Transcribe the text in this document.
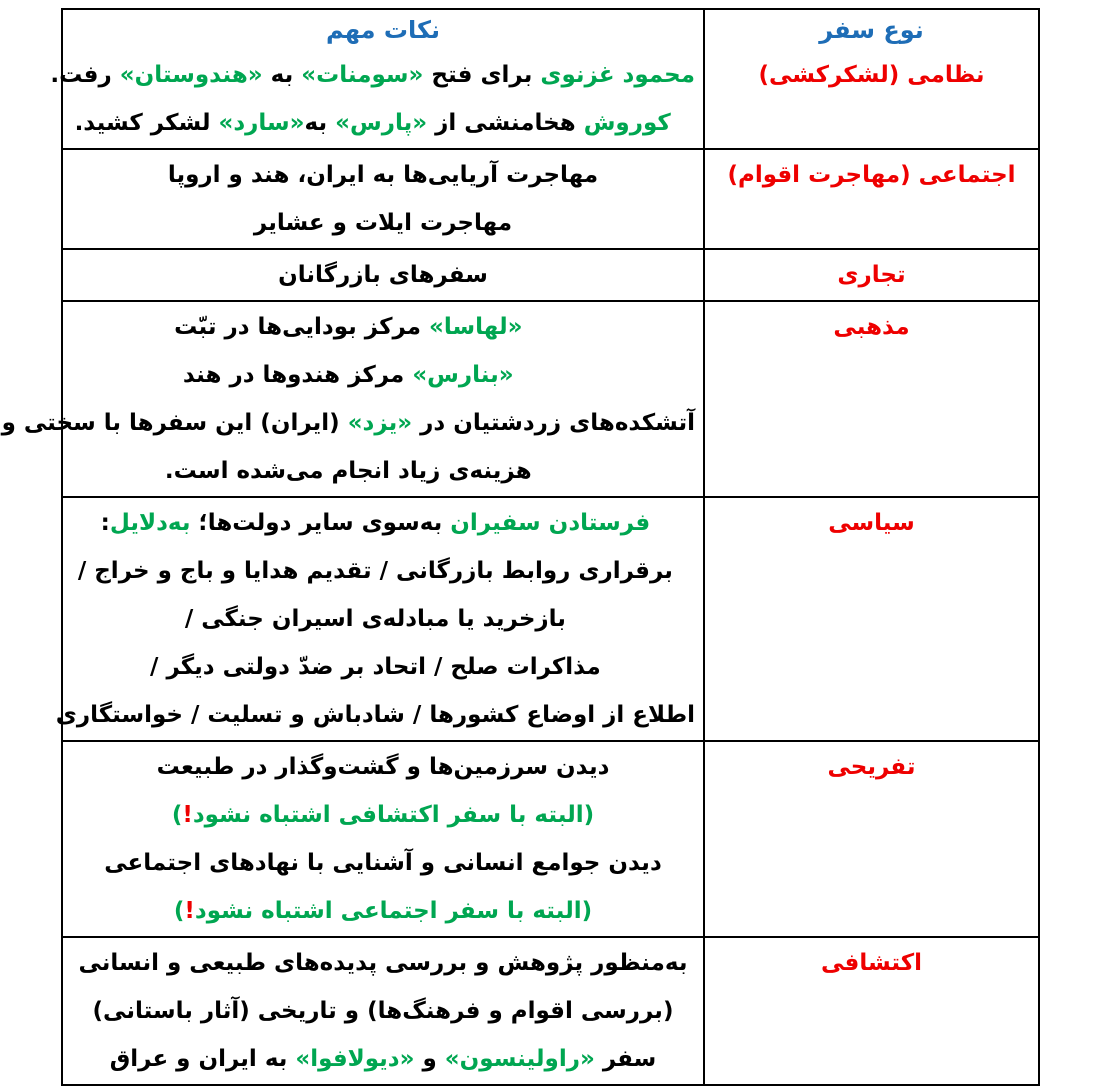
نوع سفر
نکات مهم
نظامی (لشکرکشی)
محمود غزنوی برای فتح «سومنات» به «هندوستان» رفت.
کوروش هخامنشی از «پارس» به«سارد» لشکر کشید.
اجتماعی (مهاجرت اقوام)
مهاجرت آریایی‌ها به ایران، هند و اروپا
مهاجرت ایلات و عشایر
تجاری
سفرهای بازرگانان
مذهبی
«لهاسا» مرکز بودایی‌ها در تبّت
«بنارس» مرکز هندوها در هند
آتشکده‌های زردشتیان در «یزد» (ایران) این سفرها با سختی و
هزینه‌ی زیاد انجام می‌شده است.
سیاسی
فرستادن سفیران به‌سوی سایر دولت‌ها؛ به‌دلایل:
برقراری روابط بازرگانی / تقدیم هدایا و باج و خراج /
بازخرید یا مبادله‌ی اسیران جنگی /
مذاکرات صلح / اتحاد بر ضدّ دولتی دیگر /
اطلاع از اوضاع کشورها / شادباش و تسلیت / خواستگاری
تفریحی
دیدن سرزمین‌ها و گشت‌وگذار در طبیعت
(البته با سفر اکتشافی اشتباه نشود!)
دیدن جوامع انسانی و آشنایی با نهادهای اجتماعی
(البته با سفر اجتماعی اشتباه نشود!)
اکتشافی
به‌منظور پژوهش و بررسی پدیده‌های طبیعی و انسانی
(بررسی اقوام و فرهنگ‌ها) و تاریخی (آثار باستانی)
سفر «راولینسون» و «دیولافوا» به ایران و عراق
